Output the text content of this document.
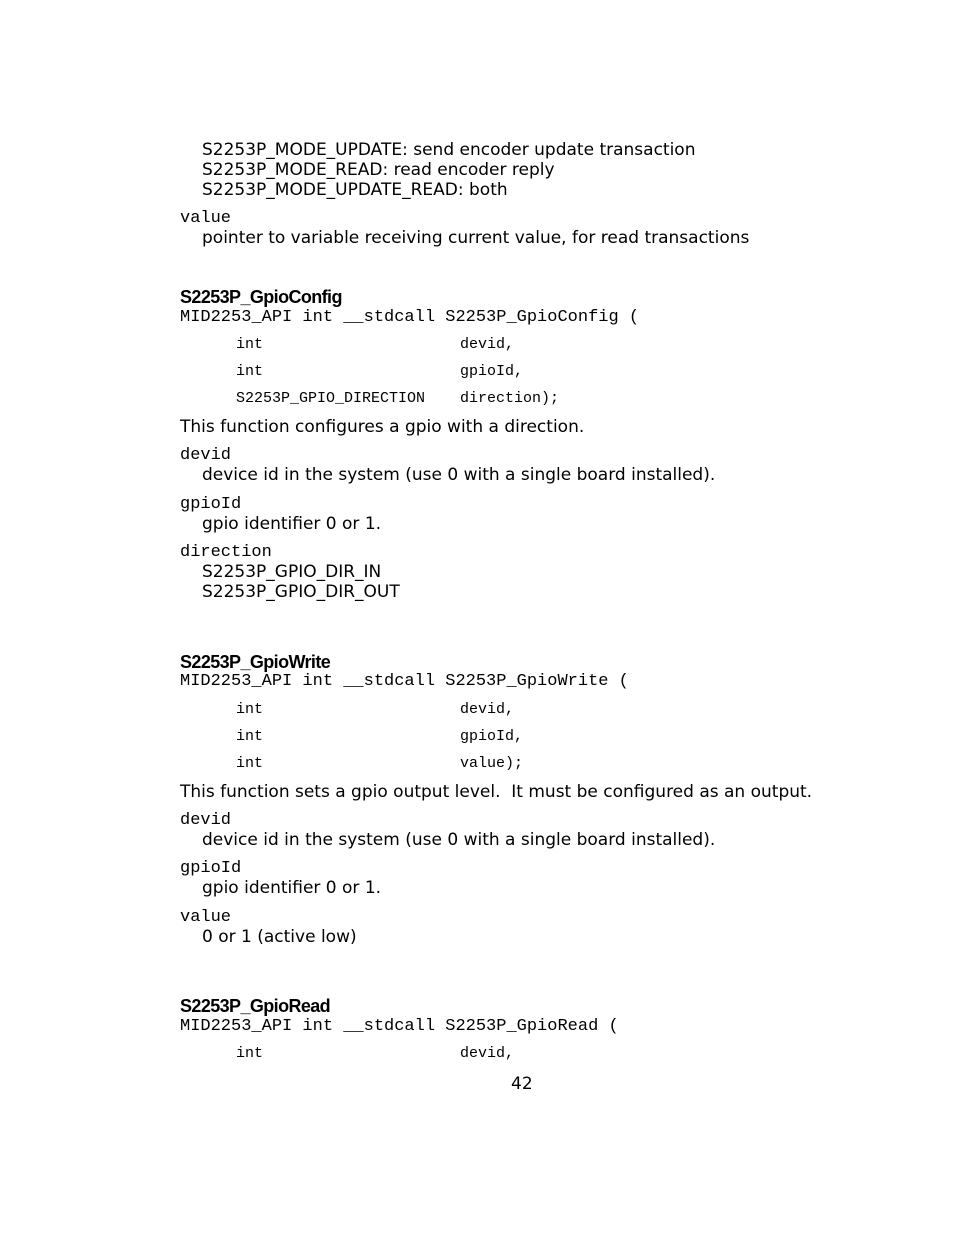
S2253P_MODE_UPDATE: send encoder update transaction
S2253P_MODE_READ: read encoder reply
S2253P_MODE_UPDATE_READ: both
value
pointer to variable receiving current value, for read transactions
S2253P_GpioConfig
MID2253_API int __stdcall S2253P_GpioConfig (
int	devid,
int	gpioId,
S2253P_GPIO_DIRECTION direction);
This function configures a gpio with a direction.
devid
device id in the system (use 0 with a single board installed).
gpioId
gpio identifier 0 or 1.
direction
S2253P_GPIO_DIR_IN
S2253P_GPIO_DIR_OUT
S2253P_GpioWrite
MID2253_API int __stdcall S2253P_GpioWrite (
int	devid,
int	gpioId,
int	value);
This function sets a gpio output level.  It must be configured as an output.
devid
device id in the system (use 0 with a single board installed).
gpioId
gpio identifier 0 or 1.
value
0 or 1 (active low)
S2253P_GpioRead
MID2253_API int __stdcall S2253P_GpioRead (
int	devid,
42
